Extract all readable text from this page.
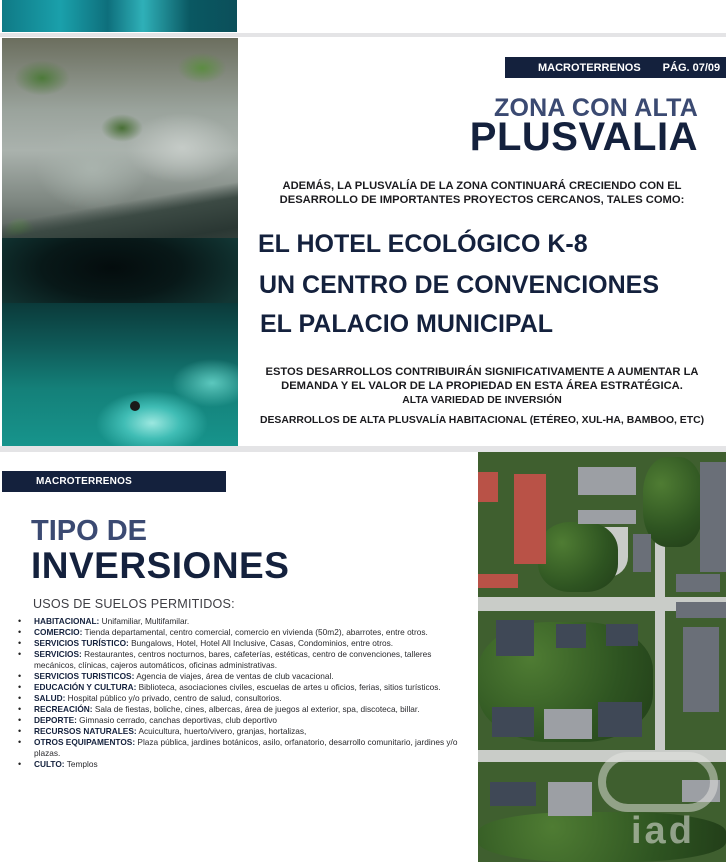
MACROTERRENOS PÁG. 07/09
ZONA CON ALTA
PLUSVALIA
ADEMÁS, LA PLUSVALÍA DE LA ZONA CONTINUARÁ CRECIENDO CON EL DESARROLLO DE IMPORTANTES PROYECTOS CERCANOS, TALES COMO:
EL HOTEL ECOLÓGICO K-8
UN CENTRO DE CONVENCIONES
EL PALACIO MUNICIPAL
ESTOS DESARROLLOS CONTRIBUIRÁN SIGNIFICATIVAMENTE A AUMENTAR LA DEMANDA Y EL VALOR DE LA PROPIEDAD EN ESTA ÁREA ESTRATÉGICA.
ALTA VARIEDAD DE INVERSIÓN
DESARROLLOS DE ALTA PLUSVALÍA HABITACIONAL (ETÉREO, XUL-HA, BAMBOO, ETC)
MACROTERRENOS
TIPO DE
INVERSIONES
USOS DE SUELOS PERMITIDOS:
• HABITACIONAL: Unifamiliar, Multifamilar.
• COMERCIO: Tienda departamental, centro comercial, comercio en vivienda (50m2), abarrotes, entre otros.
• SERVICIOS TURÍSTICO: Bungalows, Hotel, Hotel All Inclusive, Casas, Condominios, entre otros.
• SERVICIOS: Restaurantes, centros nocturnos, bares, cafeterías, estéticas, centro de convenciones, talleres mecánicos, clínicas, cajeros automáticos, oficinas administrativas.
• SERVICIOS TURISTICOS: Agencia de viajes, área de ventas de club vacacional.
• EDUCACIÓN Y CULTURA: Biblioteca, asociaciones civiles, escuelas de artes u oficios, ferias, sitios turísticos.
• SALUD: Hospital público y/o privado, centro de salud, consultorios.
• RECREACIÓN: Sala de fiestas, boliche, cines, albercas, área de juegos al exterior, spa, discoteca, billar.
• DEPORTE: Gimnasio cerrado, canchas deportivas, club deportivo
• RECURSOS NATURALES: Acuicultura, huerto/vivero, granjas, hortalizas,
• OTROS EQUIPAMENTOS: Plaza pública, jardines botánicos, asilo, orfanatorio, desarrollo comunitario, jardines y/o plazas.
• CULTO: Templos
iad
